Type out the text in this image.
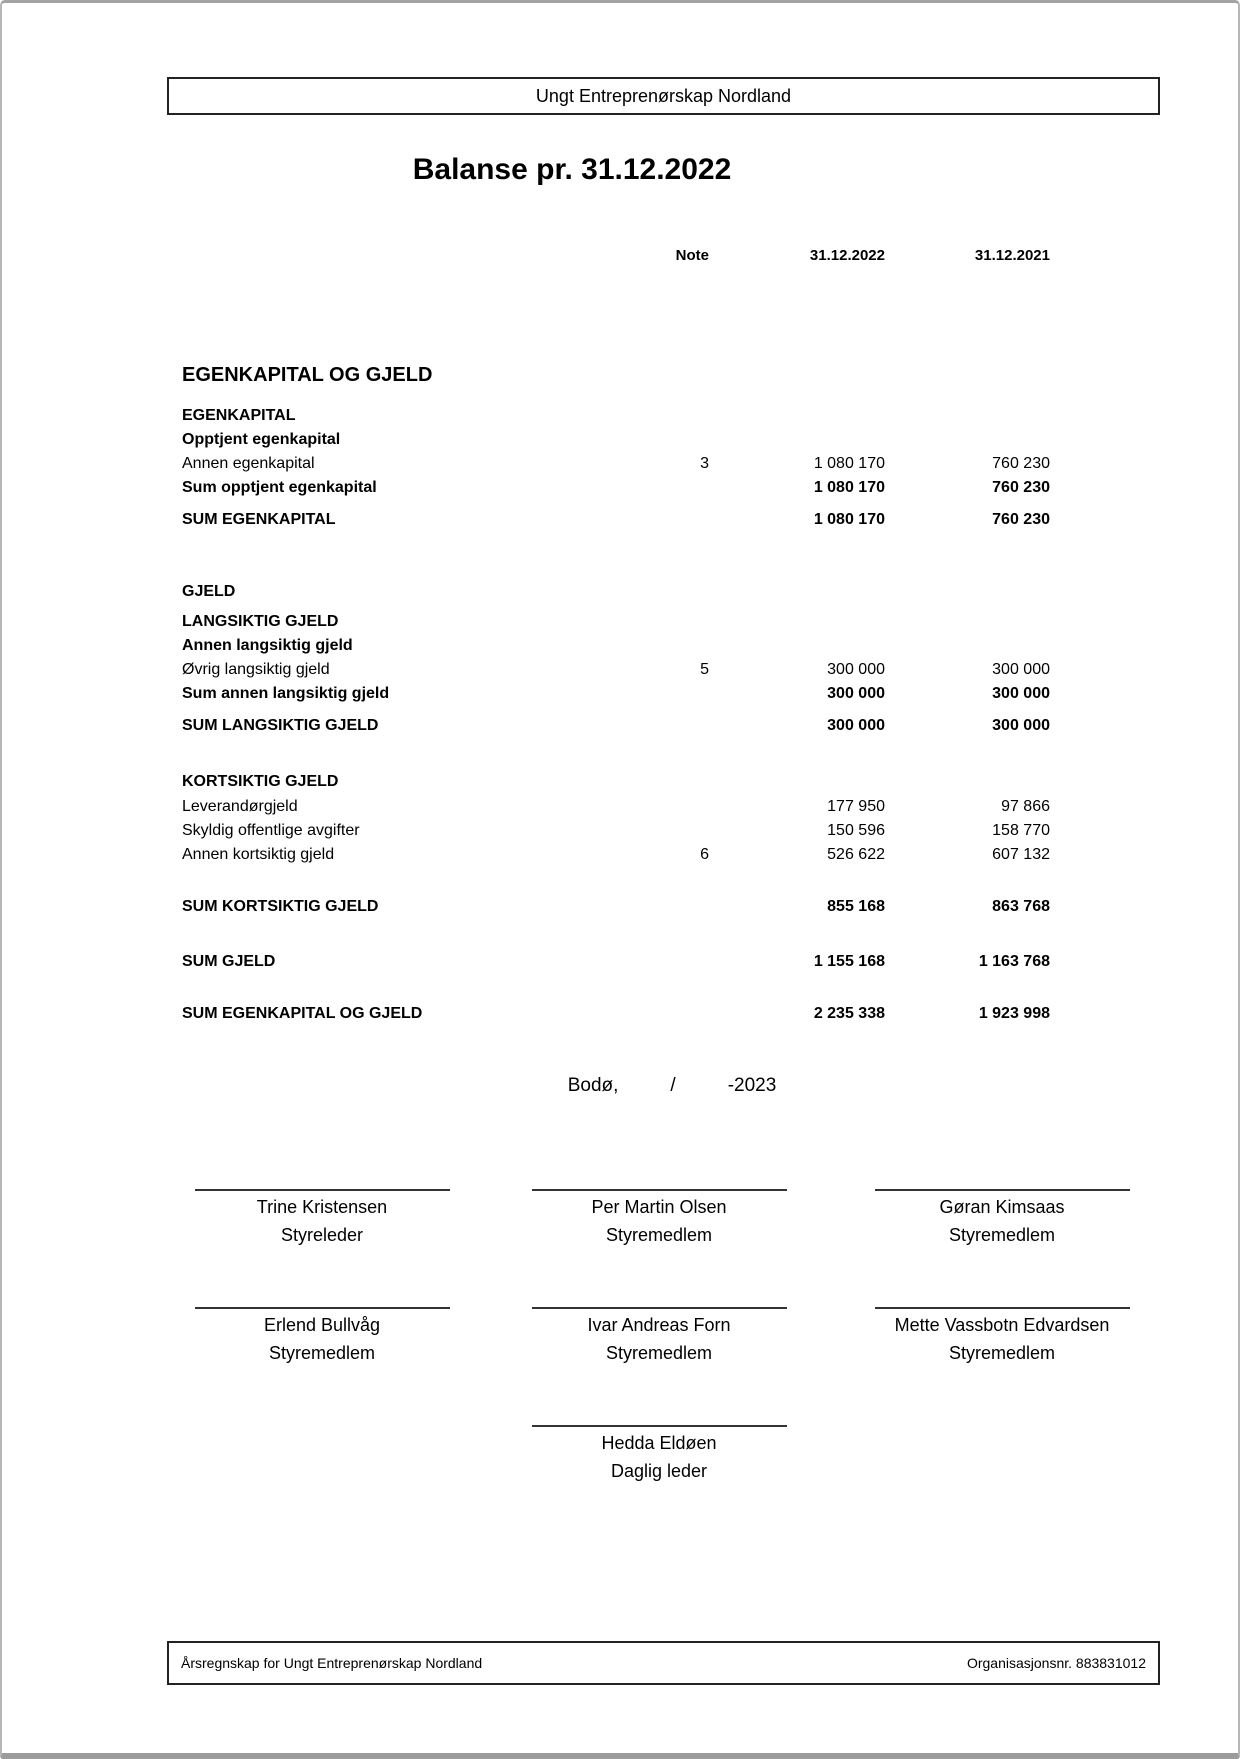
Ungt Entreprenørskap Nordland
Balanse pr. 31.12.2022
Note	31.12.2022	31.12.2021
EGENKAPITAL OG GJELD
EGENKAPITAL
Opptjent egenkapital
Annen egenkapital	3	1 080 170	760 230
Sum opptjent egenkapital	1 080 170	760 230
SUM EGENKAPITAL	1 080 170	760 230
GJELD
LANGSIKTIG GJELD
Annen langsiktig gjeld
Øvrig langsiktig gjeld	5	300 000	300 000
Sum annen langsiktig gjeld	300 000	300 000
SUM LANGSIKTIG GJELD	300 000	300 000
KORTSIKTIG GJELD
Leverandørgjeld	177 950	97 866
Skyldig offentlige avgifter	150 596	158 770
Annen kortsiktig gjeld	6	526 622	607 132
SUM KORTSIKTIG GJELD	855 168	863 768
SUM GJELD	1 155 168	1 163 768
SUM EGENKAPITAL OG GJELD	2 235 338	1 923 998
Bodø,	/	-2023
Trine Kristensen
Styreleder
Per Martin Olsen
Styremedlem
Gøran Kimsaas
Styremedlem
Erlend Bullvåg
Styremedlem
Ivar Andreas Forn
Styremedlem
Mette Vassbotn Edvardsen
Styremedlem
Hedda Eldøen
Daglig leder
Årsregnskap for Ungt Entreprenørskap Nordland	Organisasjonsnr. 883831012
